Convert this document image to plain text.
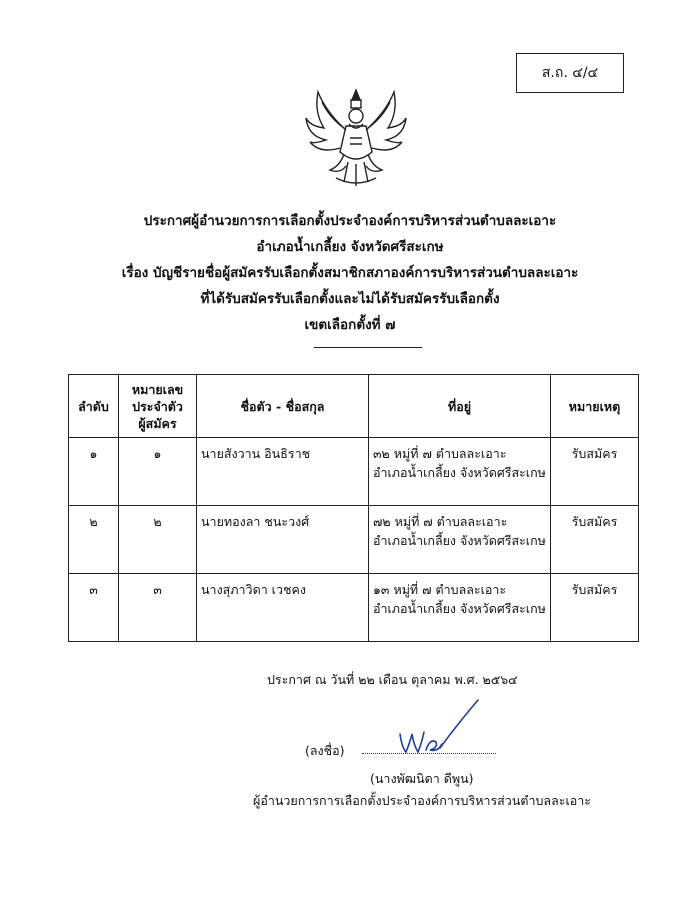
ส.ถ. ๔/๔
ประกาศผู้อำนวยการการเลือกตั้งประจำองค์การบริหารส่วนตำบลละเอาะ
อำเภอน้ำเกลี้ยง จังหวัดศรีสะเกษ
เรื่อง บัญชีรายชื่อผู้สมัครรับเลือกตั้งสมาชิกสภาองค์การบริหารส่วนตำบลละเอาะ
ที่ได้รับสมัครรับเลือกตั้งและไม่ได้รับสมัครรับเลือกตั้ง
เขตเลือกตั้งที่ ๗
ลำดับ	หมายเลข
ประจำตัว
ผู้สมัคร	ชื่อตัว - ชื่อสกุล	ที่อยู่	หมายเหตุ
๑	๑	นายสังวาน อินธิราช	๓๒ หมู่ที่ ๗ ตำบลละเอาะ
อำเภอน้ำเกลี้ยง จังหวัดศรีสะเกษ	รับสมัคร
๒	๒	นายทองลา ชนะวงศ์	๗๒ หมู่ที่ ๗ ตำบลละเอาะ
อำเภอน้ำเกลี้ยง จังหวัดศรีสะเกษ	รับสมัคร
๓	๓	นางสุภาวิดา เวชคง	๑๓ หมู่ที่ ๗ ตำบลละเอาะ
อำเภอน้ำเกลี้ยง จังหวัดศรีสะเกษ	รับสมัคร
ประกาศ ณ วันที่ ๒๒ เดือน ตุลาคม พ.ศ. ๒๕๖๔
(ลงชื่อ)
(นางพัฒนิดา ดีพูน)
ผู้อำนวยการการเลือกตั้งประจำองค์การบริหารส่วนตำบลละเอาะ
